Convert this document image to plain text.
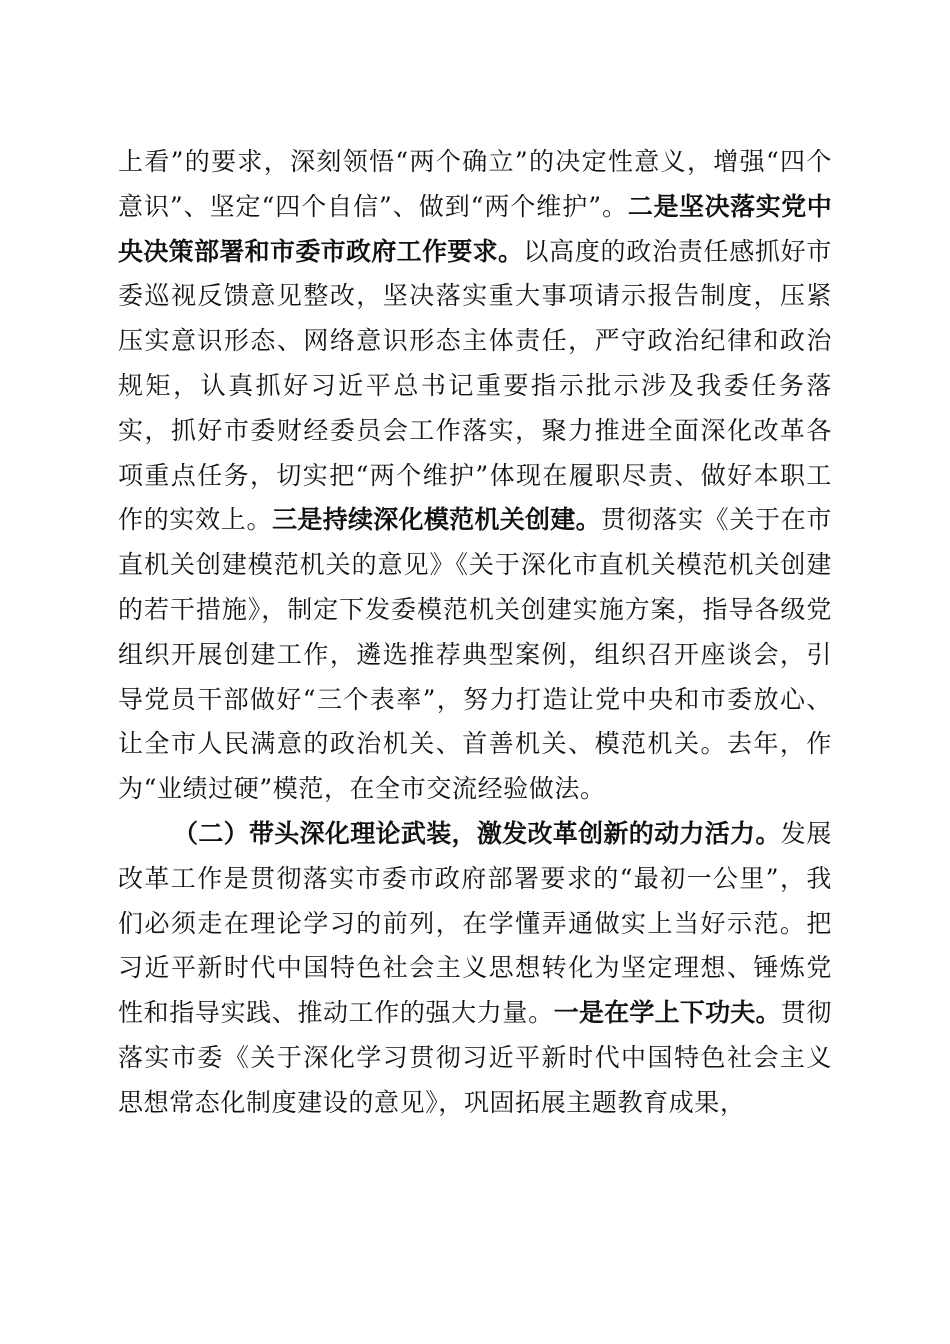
上看”的要求，深刻领悟“两个确立”的决定性意义，增强“四个意识”、坚定“四个自信”、做到“两个维护”。二是坚决落实党中央决策部署和市委市政府工作要求。以高度的政治责任感抓好市委巡视反馈意见整改，坚决落实重大事项请示报告制度，压紧压实意识形态、网络意识形态主体责任，严守政治纪律和政治规矩，认真抓好习近平总书记重要指示批示涉及我委任务落实，抓好市委财经委员会工作落实，聚力推进全面深化改革各项重点任务，切实把“两个维护”体现在履职尽责、做好本职工作的实效上。三是持续深化模范机关创建。贯彻落实《关于在市直机关创建模范机关的意见》《关于深化市直机关模范机关创建的若干措施》，制定下发委模范机关创建实施方案，指导各级党组织开展创建工作，遴选推荐典型案例，组织召开座谈会，引导党员干部做好“三个表率”，努力打造让党中央和市委放心、让全市人民满意的政治机关、首善机关、模范机关。去年，作为“业绩过硬”模范，在全市交流经验做法。

（二）带头深化理论武装，激发改革创新的动力活力。发展改革工作是贯彻落实市委市政府部署要求的“最初一公里”，我们必须走在理论学习的前列，在学懂弄通做实上当好示范。把习近平新时代中国特色社会主义思想转化为坚定理想、锤炼党性和指导实践、推动工作的强大力量。一是在学上下功夫。贯彻落实市委《关于深化学习贯彻习近平新时代中国特色社会主义思想常态化制度建设的意见》，巩固拓展主题教育成果，
